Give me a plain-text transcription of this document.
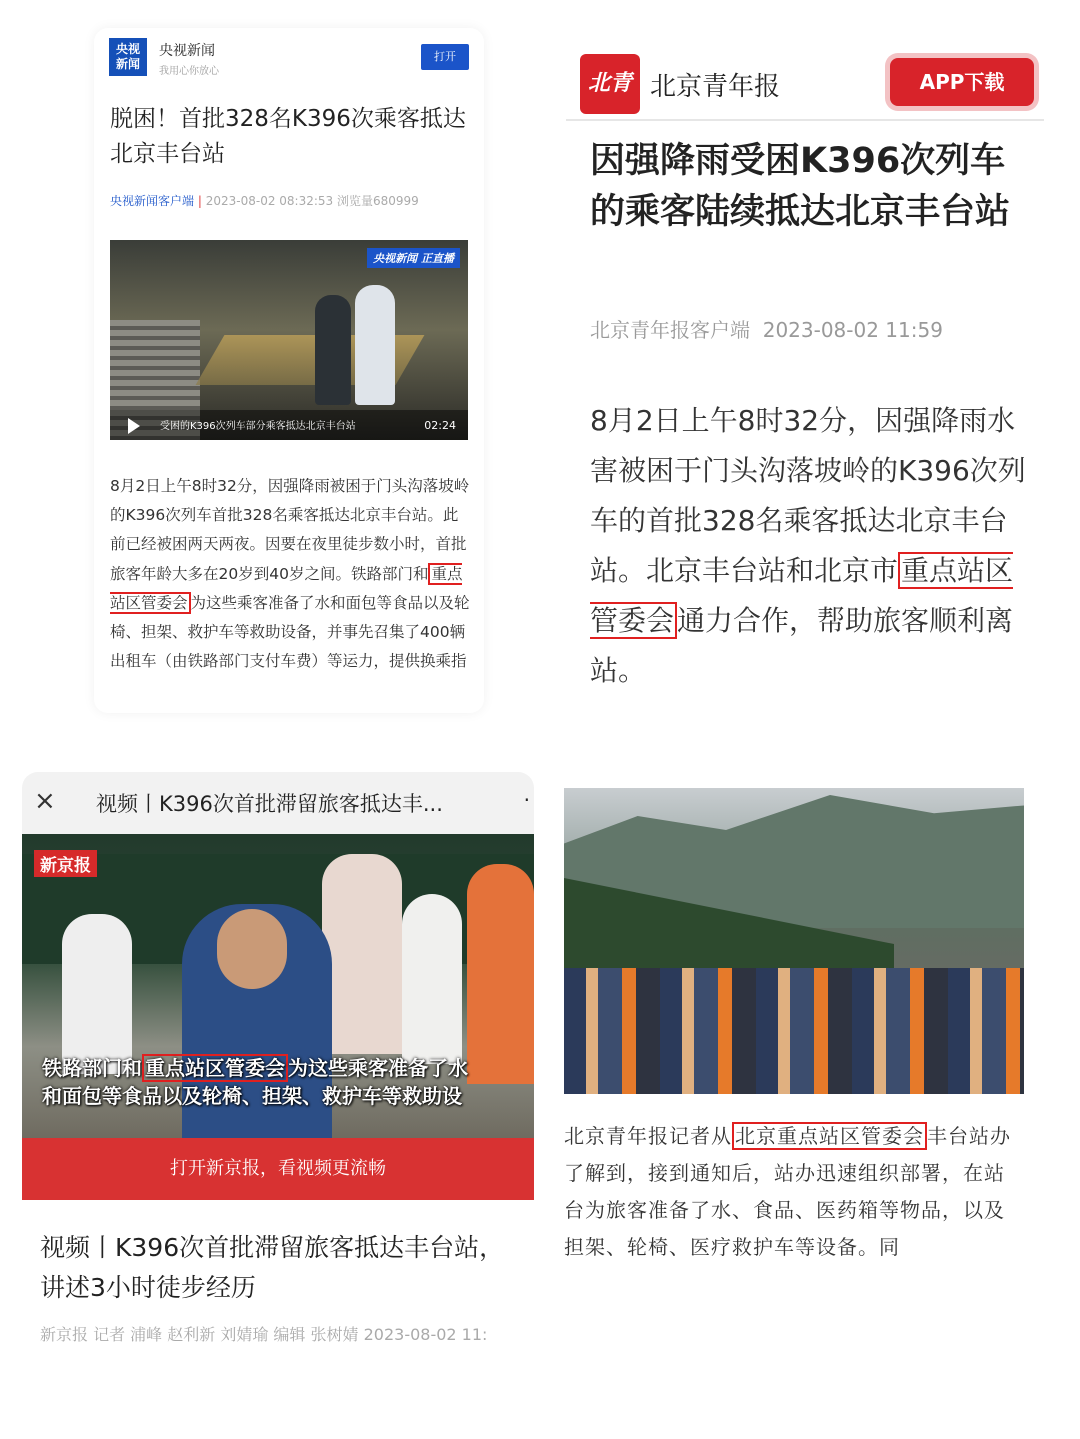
央视
新闻
央视新闻
我用心你放心
打开
脱困！首批328名K396次乘客抵达北京丰台站
央视新闻客户端 | 2023-08-02 08:32:53 浏览量680999
央视新闻 正直播
受困的K396次列车部分乘客抵达北京丰台站	02:24
8月2日上午8时32分，因强降雨被困于门头沟落坡岭的K396次列车首批328名乘客抵达北京丰台站。此前已经被困两天两夜。因要在夜里徒步数小时，首批旅客年龄大多在20岁到40岁之间。铁路部门和 重点站区管委会 为这些乘客准备了水和面包等食品以及轮椅、担架、救护车等救助设备，并事先召集了400辆出租车（由铁路部门支付车费）等运力，提供换乘指
北青 北京青年报	APP下载
因强降雨受困K396次列车的乘客陆续抵达北京丰台站
北京青年报客户端 2023-08-02 11:59
8月2日上午8时32分，因强降雨水害被困于门头沟落坡岭的K396次列车的首批328名乘客抵达北京丰台站。北京丰台站和北京市 重点站区管委会 通力合作，帮助旅客顺利离站。
× 视频丨K396次首批滞留旅客抵达丰...	·
新京报
铁路部门和 重点站区管委会 为这些乘客准备了水
和面包等食品以及轮椅、担架、救护车等救助设
打开新京报，看视频更流畅
视频丨K396次首批滞留旅客抵达丰台站，讲述3小时徒步经历
新京报 记者 浦峰 赵利新 刘婧瑜 编辑 张树婧 2023-08-02 11:
北京青年报记者从 北京重点站区管委会 丰台站办了解到，接到通知后，站办迅速组织部署，在站台为旅客准备了水、食品、医药箱等物品，以及担架、轮椅、医疗救护车等设备。同
